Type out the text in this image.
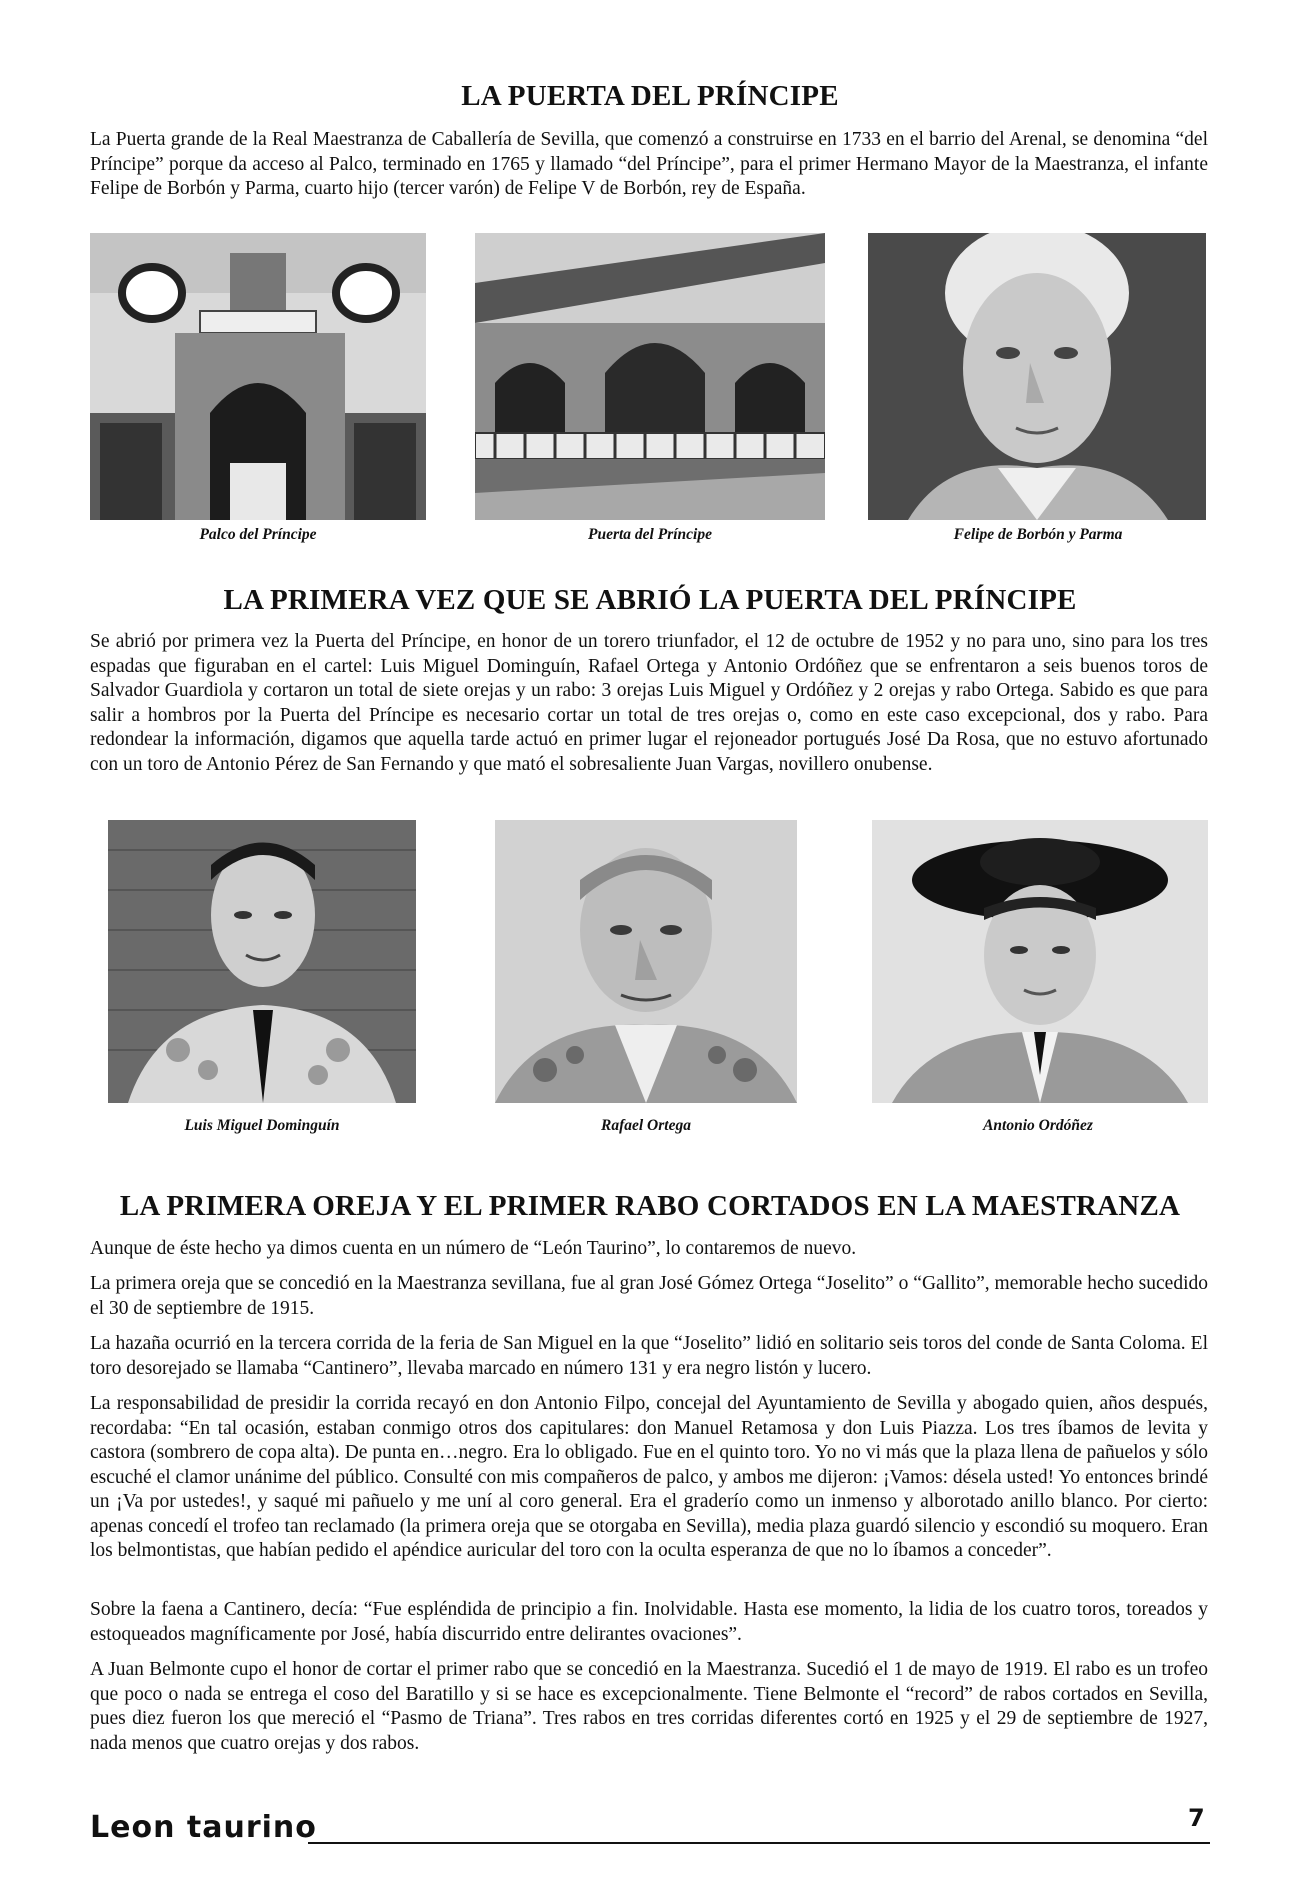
LA PUERTA DEL PRÍNCIPE

La Puerta grande de la Real Maestranza de Caballería de Sevilla, que comenzó a construirse en 1733 en el barrio del Arenal, se denomina “del Príncipe” porque da acceso al Palco, terminado en 1765 y llamado “del Príncipe”, para el primer Hermano Mayor de la Maestranza, el infante Felipe de Borbón y Parma, cuarto hijo (tercer varón) de Felipe V de Borbón, rey de España.

Palco del Príncipe	Puerta del Príncipe	Felipe de Borbón y Parma
LA PRIMERA VEZ QUE SE ABRIÓ LA PUERTA DEL PRÍNCIPE

Se abrió por primera vez la Puerta del Príncipe, en honor de un torero triunfador, el 12 de octubre de 1952 y no para uno, sino para los tres espadas que figuraban en el cartel: Luis Miguel Dominguín, Rafael Ortega y Antonio Ordóñez que se enfrentaron a seis buenos toros de Salvador Guardiola y cortaron un total de siete orejas y un rabo: 3 orejas Luis Miguel y Ordóñez y 2 orejas y rabo Ortega. Sabido es que para salir a hombros por la Puerta del Príncipe es necesario cortar un total de tres orejas o, como en este caso excepcional, dos y rabo. Para redondear la información, digamos que aquella tarde actuó en primer lugar el rejoneador portugués José Da Rosa, que no estuvo afortunado con un toro de Antonio Pérez de San Fernando y que mató el sobresaliente Juan Vargas, novillero onubense.

Luis Miguel Dominguín	Rafael Ortega	Antonio Ordóñez
LA PRIMERA OREJA Y EL PRIMER RABO CORTADOS EN LA MAESTRANZA

Aunque de éste hecho ya dimos cuenta en un número de “León Taurino”, lo contaremos de nuevo.

La primera oreja que se concedió en la Maestranza sevillana, fue al gran José Gómez Ortega “Joselito” o “Gallito”, memorable hecho sucedido el 30 de septiembre de 1915.

La hazaña ocurrió en la tercera corrida de la feria de San Miguel en la que “Joselito” lidió en solitario seis toros del conde de Santa Coloma. El toro desorejado se llamaba “Cantinero”, llevaba marcado en número 131 y era negro listón y lucero.

La responsabilidad de presidir la corrida recayó en don Antonio Filpo, concejal del Ayuntamiento de Sevilla y abogado quien, años después, recordaba: “En tal ocasión, estaban conmigo otros dos capitulares: don Manuel Retamosa y don Luis Piazza. Los tres íbamos de levita y castora (sombrero de copa alta). De punta en…negro. Era lo obligado. Fue en el quinto toro. Yo no vi más que la plaza llena de pañuelos y sólo escuché el clamor unánime del público. Consulté con mis compañeros de palco, y ambos me dijeron: ¡Vamos: désela usted! Yo entonces brindé un ¡Va por ustedes!, y saqué mi pañuelo y me uní al coro general. Era el graderío como un inmenso y alborotado anillo blanco. Por cierto: apenas concedí el trofeo tan reclamado (la primera oreja que se otorgaba en Sevilla), media plaza guardó silencio y escondió su moquero. Eran los belmontistas, que habían pedido el apéndice auricular del toro con la oculta esperanza de que no lo íbamos a conceder”.

Sobre la faena a Cantinero, decía: “Fue espléndida de principio a fin. Inolvidable. Hasta ese momento, la lidia de los cuatro toros, toreados y estoqueados magníficamente por José, había discurrido entre delirantes ovaciones”.

A Juan Belmonte cupo el honor de cortar el primer rabo que se concedió en la Maestranza. Sucedió el 1 de mayo de 1919. El rabo es un trofeo que poco o nada se entrega el coso del Baratillo y si se hace es excepcionalmente. Tiene Belmonte el “record” de rabos cortados en Sevilla, pues diez fueron los que mereció el “Pasmo de Triana”. Tres rabos en tres corridas diferentes cortó en 1925 y el 29 de septiembre de 1927, nada menos que cuatro orejas y dos rabos.

Leon taurino	7
